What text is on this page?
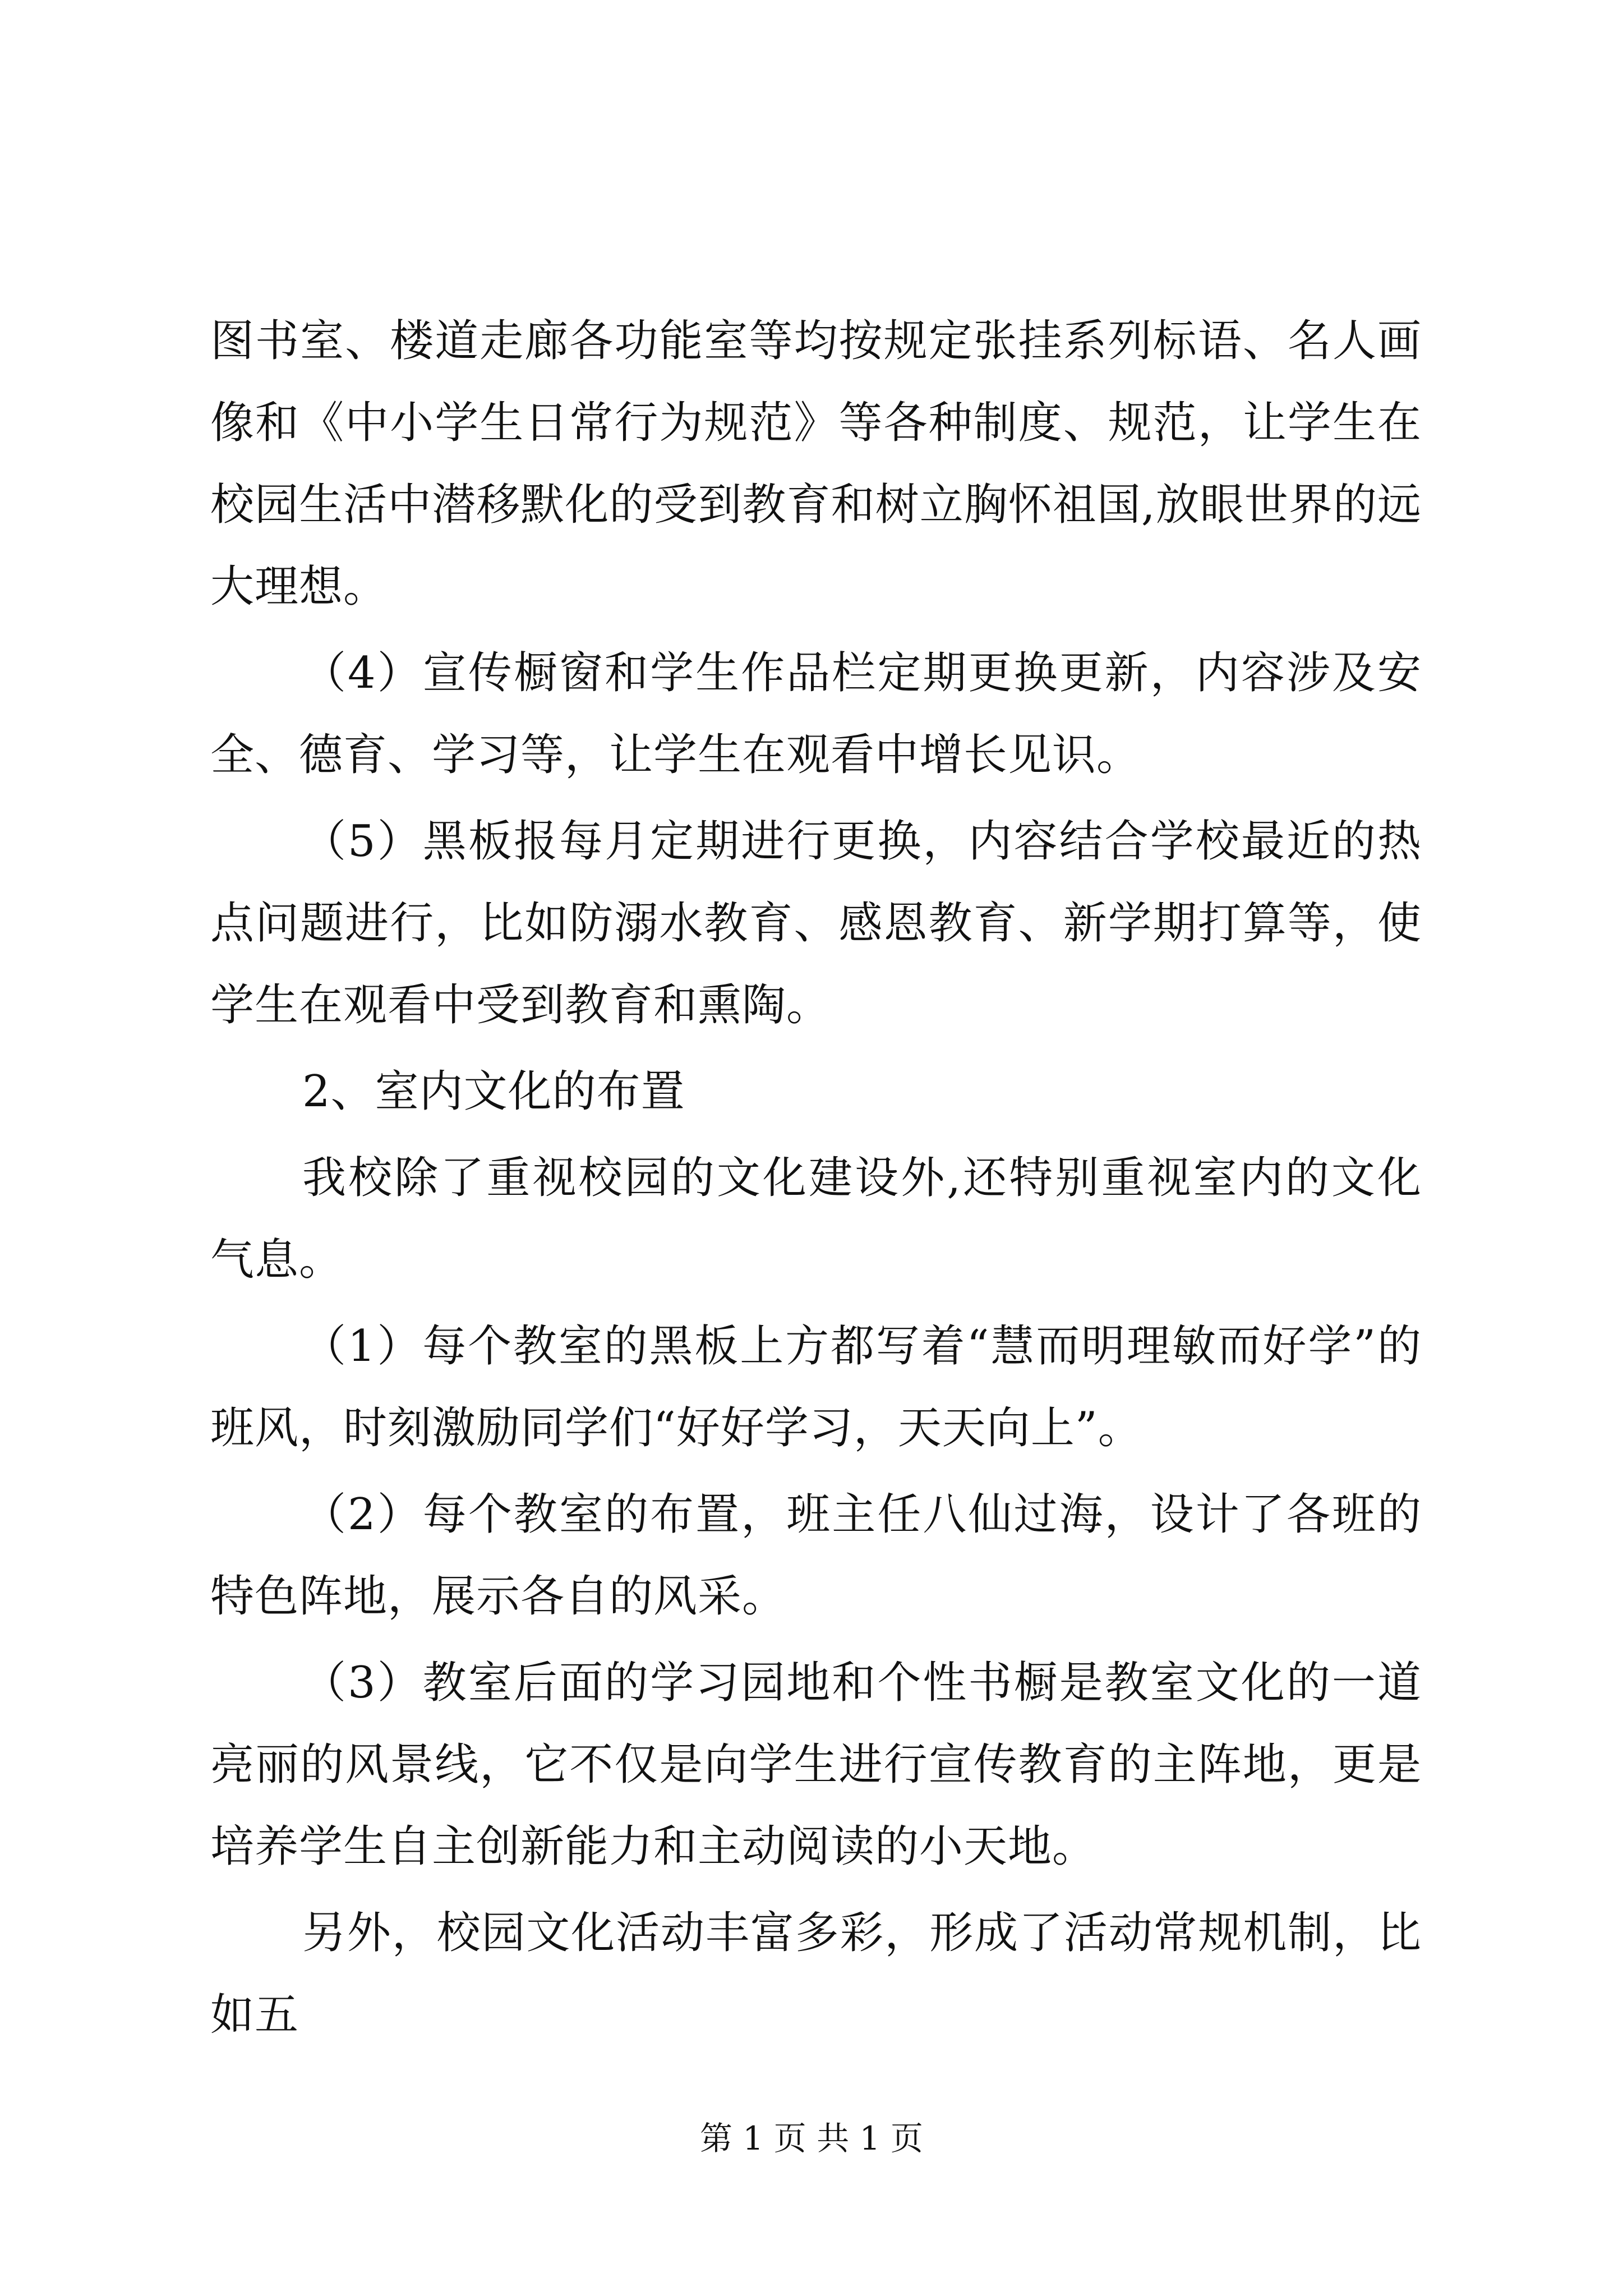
图书室、楼道走廊各功能室等均按规定张挂系列标语、名人画像和《中小学生日常行为规范》等各种制度、规范，让学生在校园生活中潜移默化的受到教育和树立胸怀祖国,放眼世界的远大理想。

（4）宣传橱窗和学生作品栏定期更换更新，内容涉及安全、德育、学习等，让学生在观看中增长见识。

（5）黑板报每月定期进行更换，内容结合学校最近的热点问题进行，比如防溺水教育、感恩教育、新学期打算等，使学生在观看中受到教育和熏陶。

2、室内文化的布置

我校除了重视校园的文化建设外,还特别重视室内的文化气息。

（1）每个教室的黑板上方都写着“慧而明理敏而好学”的班风，时刻激励同学们“好好学习，天天向上”。

（2）每个教室的布置，班主任八仙过海，设计了各班的特色阵地，展示各自的风采。

（3）教室后面的学习园地和个性书橱是教室文化的一道亮丽的风景线，它不仅是向学生进行宣传教育的主阵地，更是培养学生自主创新能力和主动阅读的小天地。

另外，校园文化活动丰富多彩，形成了活动常规机制，比如五

第 1 页 共 1 页
